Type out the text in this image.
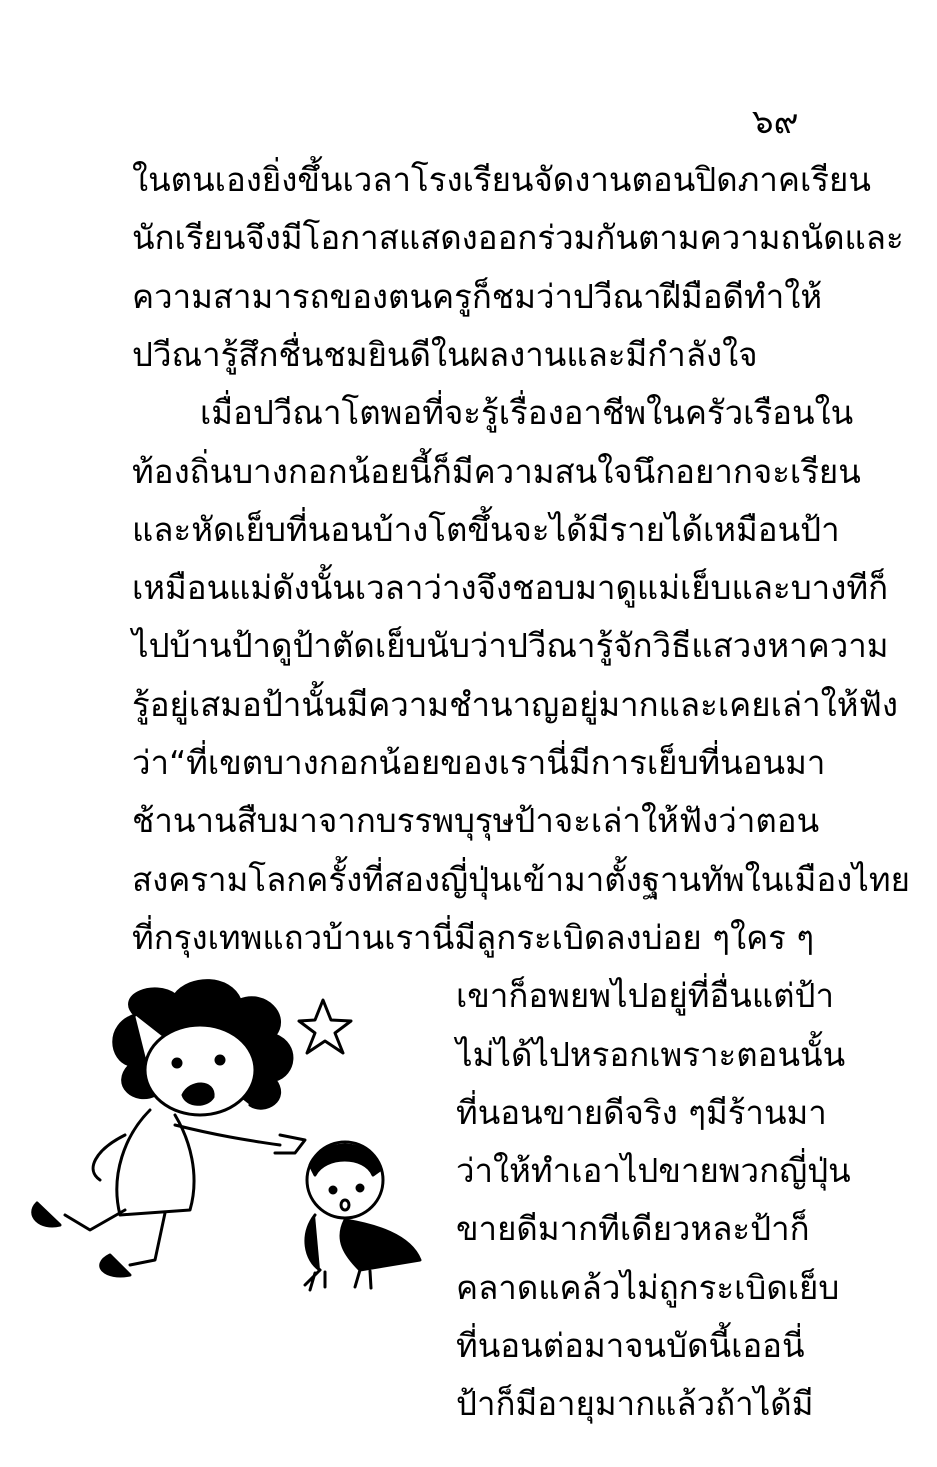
๖๙
ในตนเองยิ่งขึ้น เวลาโรงเรียนจัดงานตอนปิดภาคเรียน
นักเรียนจึงมีโอกาสแสดงออกร่วมกันตามความถนัดและ
ความสามารถของตน ครูก็ชมว่าปวีณาฝีมือดี ทำให้
ปวีณารู้สึกชื่นชมยินดีในผลงานและมีกำลังใจ
เมื่อปวีณาโตพอที่จะรู้เรื่องอาชีพในครัวเรือนใน
ท้องถิ่นบางกอกน้อยนี้ ก็มีความสนใจนึกอยากจะเรียน
และหัดเย็บที่นอนบ้าง โตขึ้นจะได้มีรายได้เหมือนป้า
เหมือนแม่ ดังนั้น เวลาว่างจึงชอบมาดูแม่เย็บ และบางทีก็
ไปบ้านป้าดูป้าตัดเย็บ นับว่าปวีณารู้จักวิธีแสวงหาความ
รู้อยู่เสมอ ป้านั้นมีความชำนาญอยู่มากและเคยเล่าให้ฟัง
ว่า “ที่เขตบางกอกน้อยของเรานี่ มีการเย็บที่นอนมา
ช้านานสืบมาจากบรรพบุรุษ ป้าจะเล่าให้ฟังว่าตอน
สงครามโลกครั้งที่สอง ญี่ปุ่นเข้ามาตั้งฐานทัพในเมืองไทย
ที่กรุงเทพแถวบ้านเรานี่มีลูกระเบิดลงบ่อย ๆ ใคร ๆ
เขาก็อพยพไปอยู่ที่อื่น แต่ป้า
ไม่ได้ไปหรอก เพราะตอนนั้น
ที่นอนขายดีจริง ๆ มีร้านมา
ว่าให้ทำเอาไปขายพวกญี่ปุ่น
ขายดีมากทีเดียวหละ ป้าก็
คลาดแคล้วไม่ถูกระเบิด เย็บ
ที่นอนต่อมาจนบัดนี้ เออ นี่
ป้าก็มีอายุมากแล้ว ถ้าได้มี
